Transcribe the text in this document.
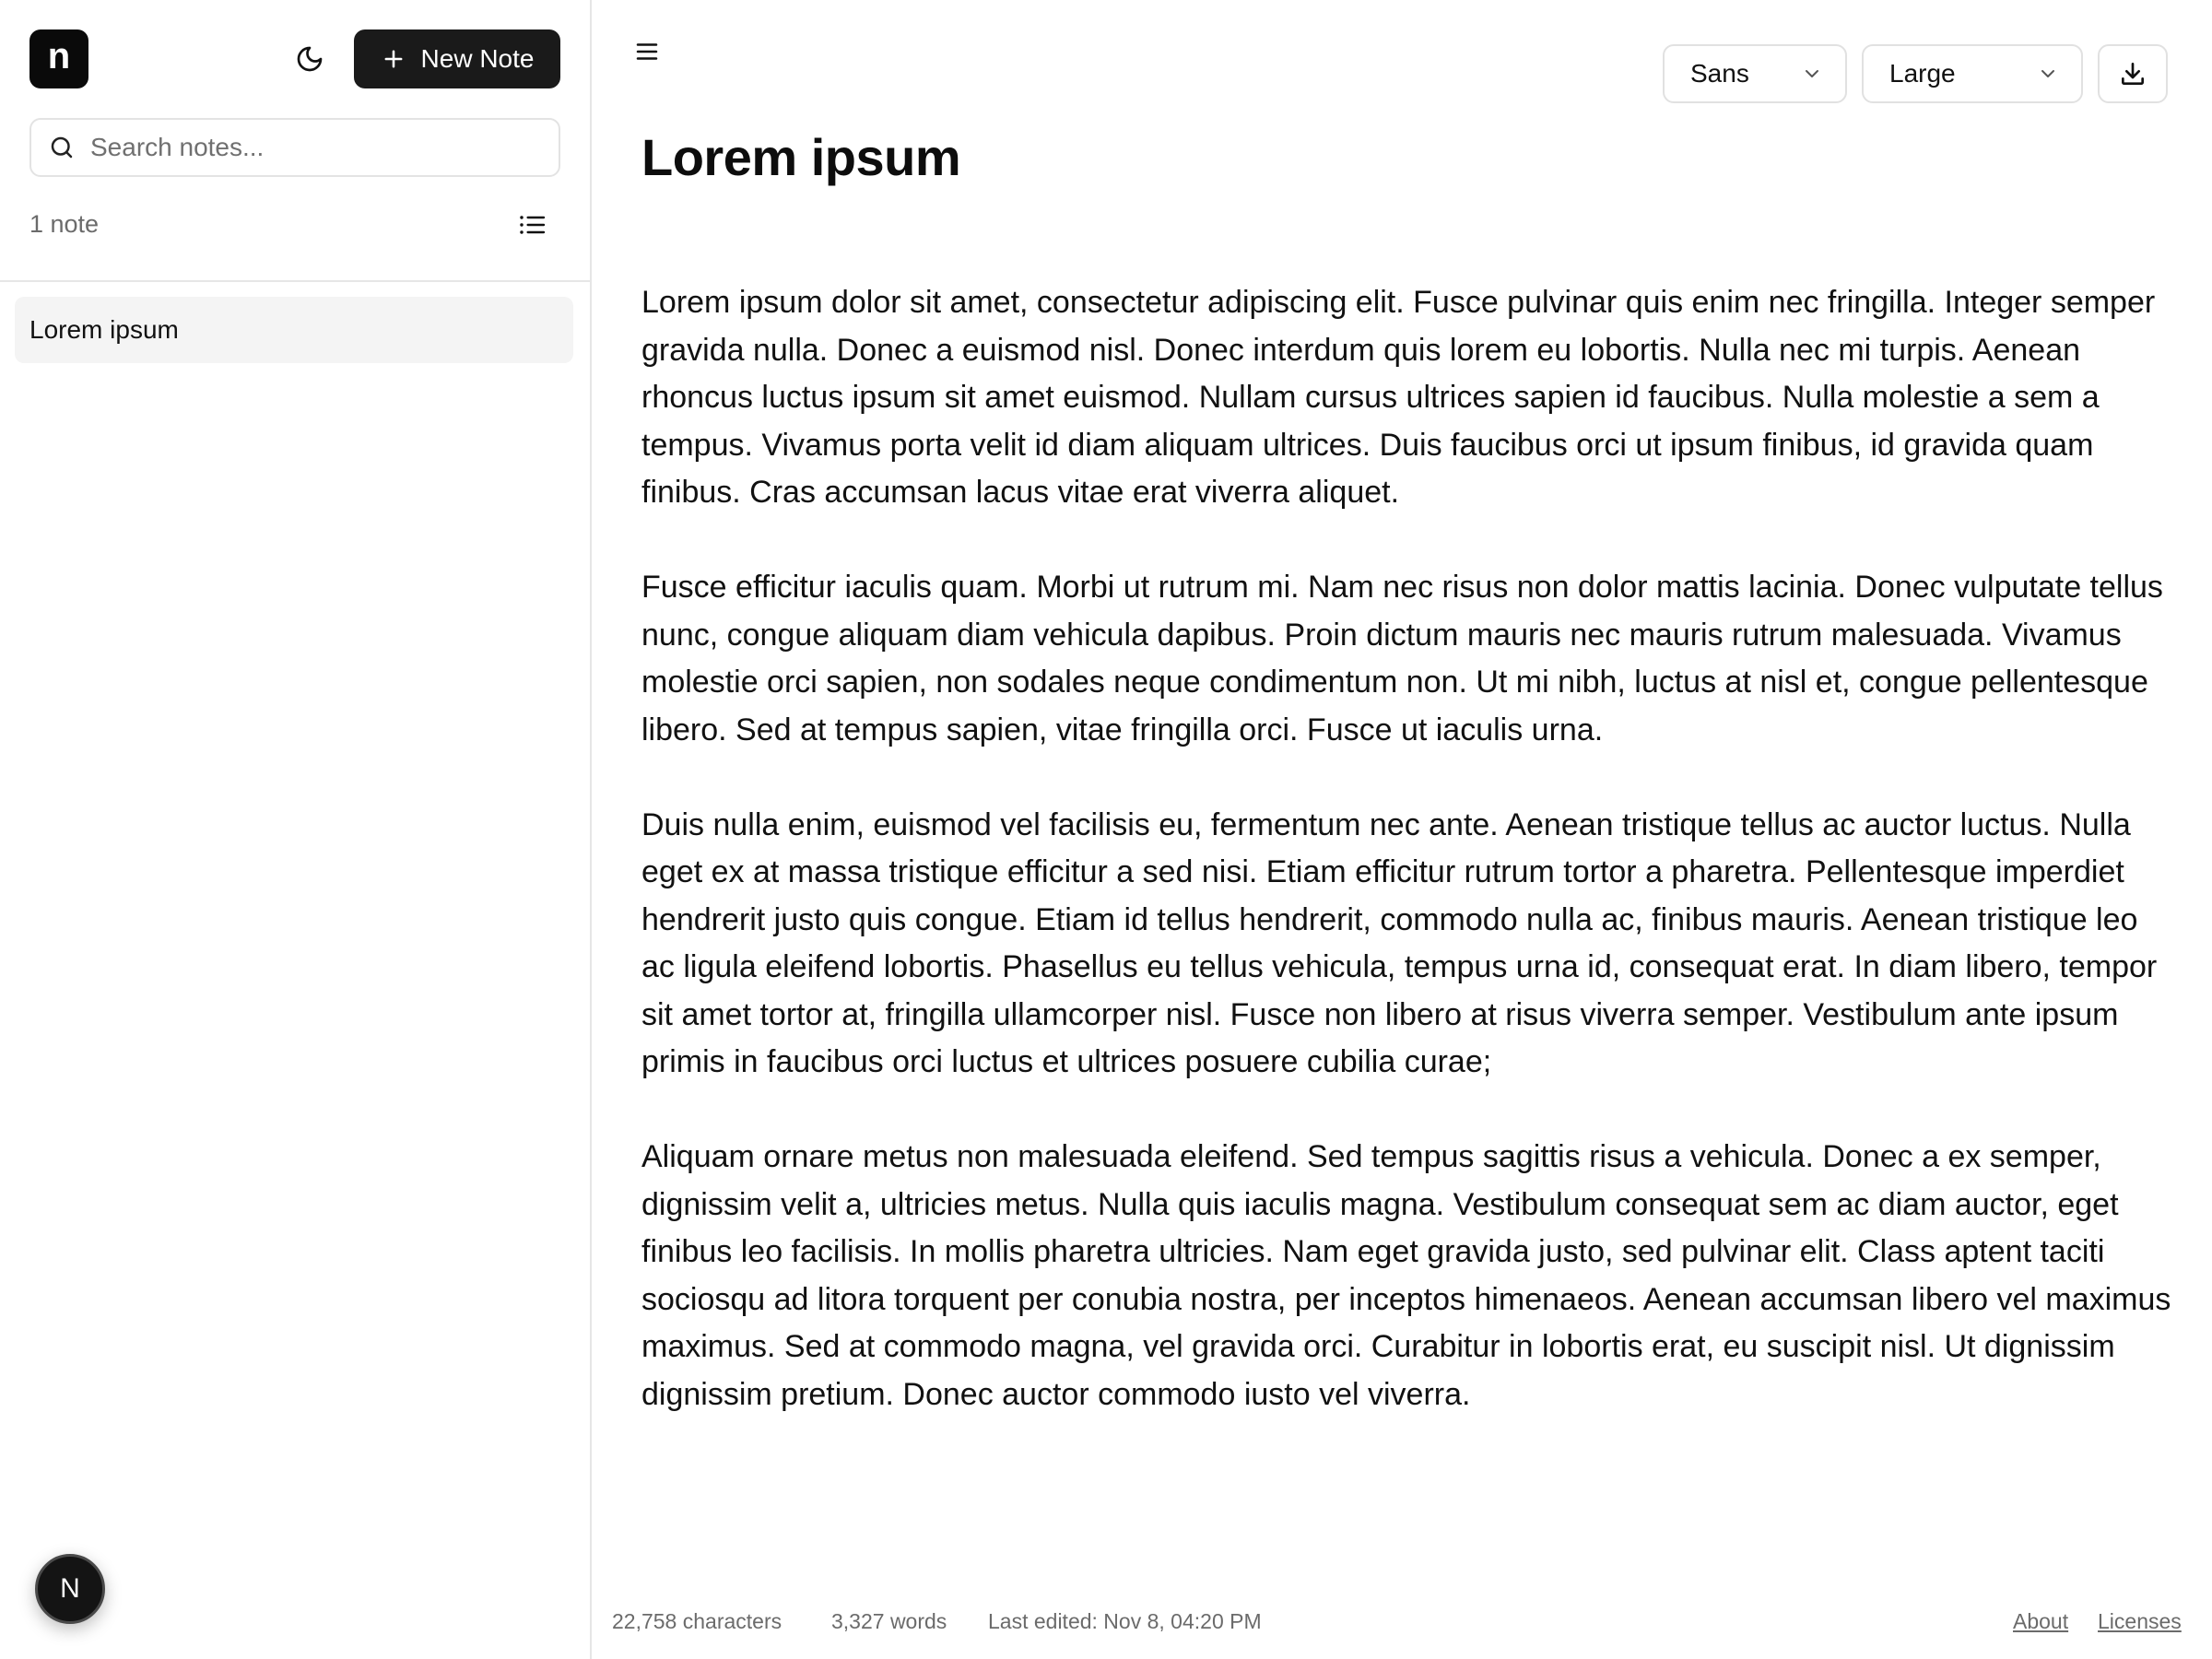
n	New Note
Search notes...
1 note
Lorem ipsum
N
Sans	Large
Lorem ipsum

Lorem ipsum dolor sit amet, consectetur adipiscing elit. Fusce pulvinar quis enim nec fringilla. Integer semper gravida nulla. Donec a euismod nisl. Donec interdum quis lorem eu lobortis. Nulla nec mi turpis. Aenean rhoncus luctus ipsum sit amet euismod. Nullam cursus ultrices sapien id faucibus. Nulla molestie a sem a tempus. Vivamus porta velit id diam aliquam ultrices. Duis faucibus orci ut ipsum finibus, id gravida quam finibus. Cras accumsan lacus vitae erat viverra aliquet.

Fusce efficitur iaculis quam. Morbi ut rutrum mi. Nam nec risus non dolor mattis lacinia. Donec vulputate tellus nunc, congue aliquam diam vehicula dapibus. Proin dictum mauris nec mauris rutrum malesuada. Vivamus molestie orci sapien, non sodales neque condimentum non. Ut mi nibh, luctus at nisl et, congue pellentesque libero. Sed at tempus sapien, vitae fringilla orci. Fusce ut iaculis urna.

Duis nulla enim, euismod vel facilisis eu, fermentum nec ante. Aenean tristique tellus ac auctor luctus. Nulla eget ex at massa tristique efficitur a sed nisi. Etiam efficitur rutrum tortor a pharetra. Pellentesque imperdiet hendrerit justo quis congue. Etiam id tellus hendrerit, commodo nulla ac, finibus mauris. Aenean tristique leo ac ligula eleifend lobortis. Phasellus eu tellus vehicula, tempus urna id, consequat erat. In diam libero, tempor sit amet tortor at, fringilla ullamcorper nisl. Fusce non libero at risus viverra semper. Vestibulum ante ipsum primis in faucibus orci luctus et ultrices posuere cubilia curae;

Aliquam ornare metus non malesuada eleifend. Sed tempus sagittis risus a vehicula. Donec a ex semper, dignissim velit a, ultricies metus. Nulla quis iaculis magna. Vestibulum consequat sem ac diam auctor, eget finibus leo facilisis. In mollis pharetra ultricies. Nam eget gravida justo, sed pulvinar elit. Class aptent taciti sociosqu ad litora torquent per conubia nostra, per inceptos himenaeos. Aenean accumsan libero vel maximus maximus. Sed at commodo magna, vel gravida orci. Curabitur in lobortis erat, eu suscipit nisl. Ut dignissim dignissim pretium. Donec auctor commodo iusto vel viverra.

22,758 characters 3,327 words Last edited: Nov 8, 04:20 PM	About Licenses
